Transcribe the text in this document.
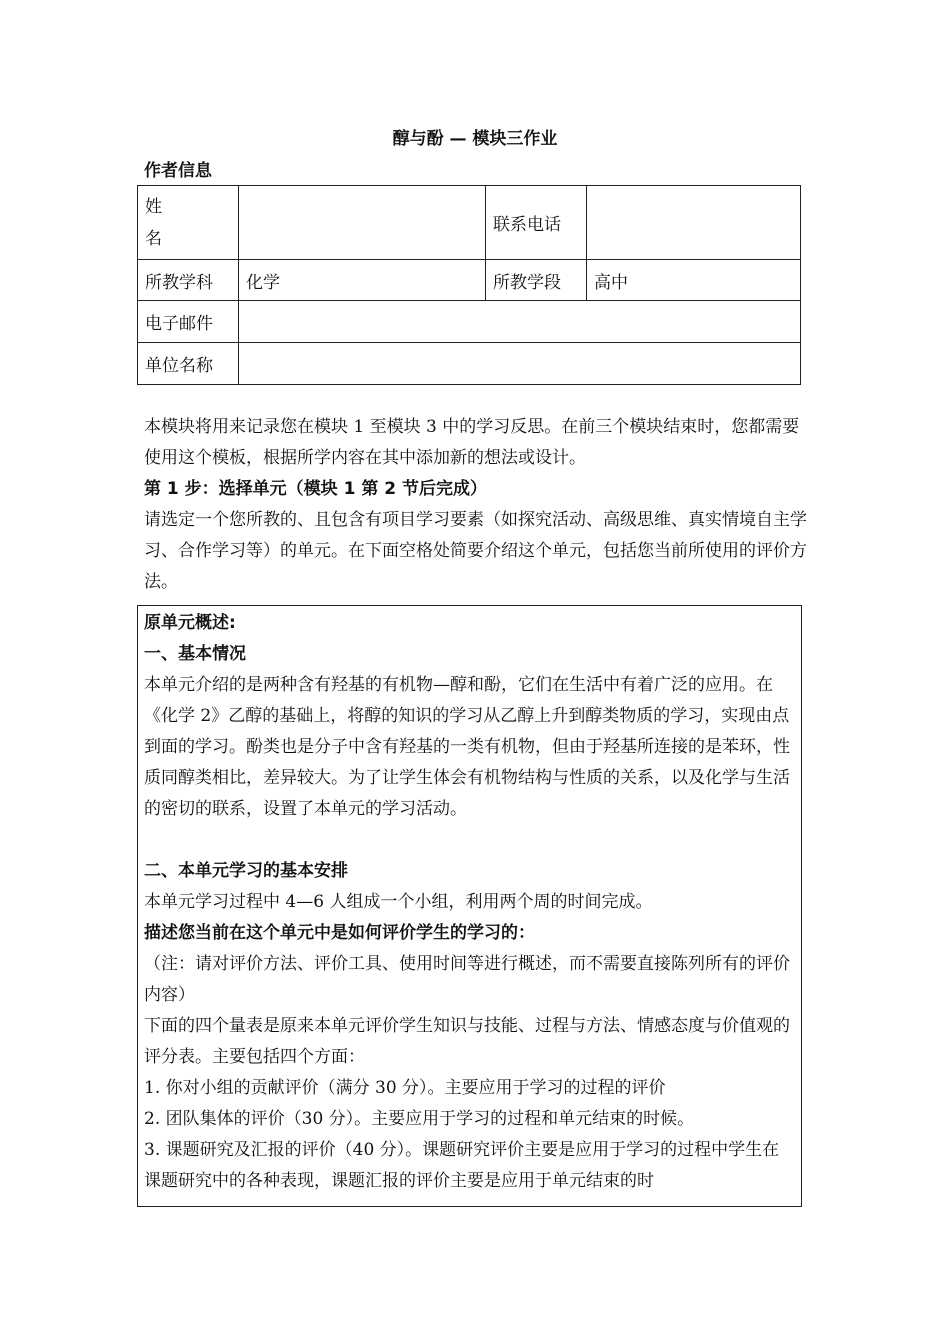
醇与酚 — 模块三作业
作者信息
姓
名		联系电话	
所教学科	化学	所教学段	高中
电子邮件			
单位名称			

本模块将用来记录您在模块 1 至模块 3 中的学习反思。在前三个模块结束时，您都需要使用这个模板，根据所学内容在其中添加新的想法或设计。

第 1 步：选择单元（模块 1 第 2 节后完成）

请选定一个您所教的、且包含有项目学习要素（如探究活动、高级思维、真实情境自主学习、合作学习等）的单元。在下面空格处简要介绍这个单元，包括您当前所使用的评价方法。

原单元概述:

一、基本情况

本单元介绍的是两种含有羟基的有机物—醇和酚，它们在生活中有着广泛的应用。在《化学 2》乙醇的基础上，将醇的知识的学习从乙醇上升到醇类物质的学习，实现由点到面的学习。酚类也是分子中含有羟基的一类有机物，但由于羟基所连接的是苯环，性质同醇类相比，差异较大。为了让学生体会有机物结构与性质的关系，以及化学与生活的密切的联系，设置了本单元的学习活动。

二、本单元学习的基本安排

本单元学习过程中 4—6 人组成一个小组，利用两个周的时间完成。

描述您当前在这个单元中是如何评价学生的学习的：

（注：请对评价方法、评价工具、使用时间等进行概述，而不需要直接陈列所有的评价内容）

下面的四个量表是原来本单元评价学生知识与技能、过程与方法、情感态度与价值观的评分表。主要包括四个方面：

1. 你对小组的贡献评价（满分 30 分）。主要应用于学习的过程的评价

2. 团队集体的评价（30 分）。主要应用于学习的过程和单元结束的时候。

3. 课题研究及汇报的评价（40 分）。课题研究评价主要是应用于学习的过程中学生在课题研究中的各种表现，课题汇报的评价主要是应用于单元结束的时
